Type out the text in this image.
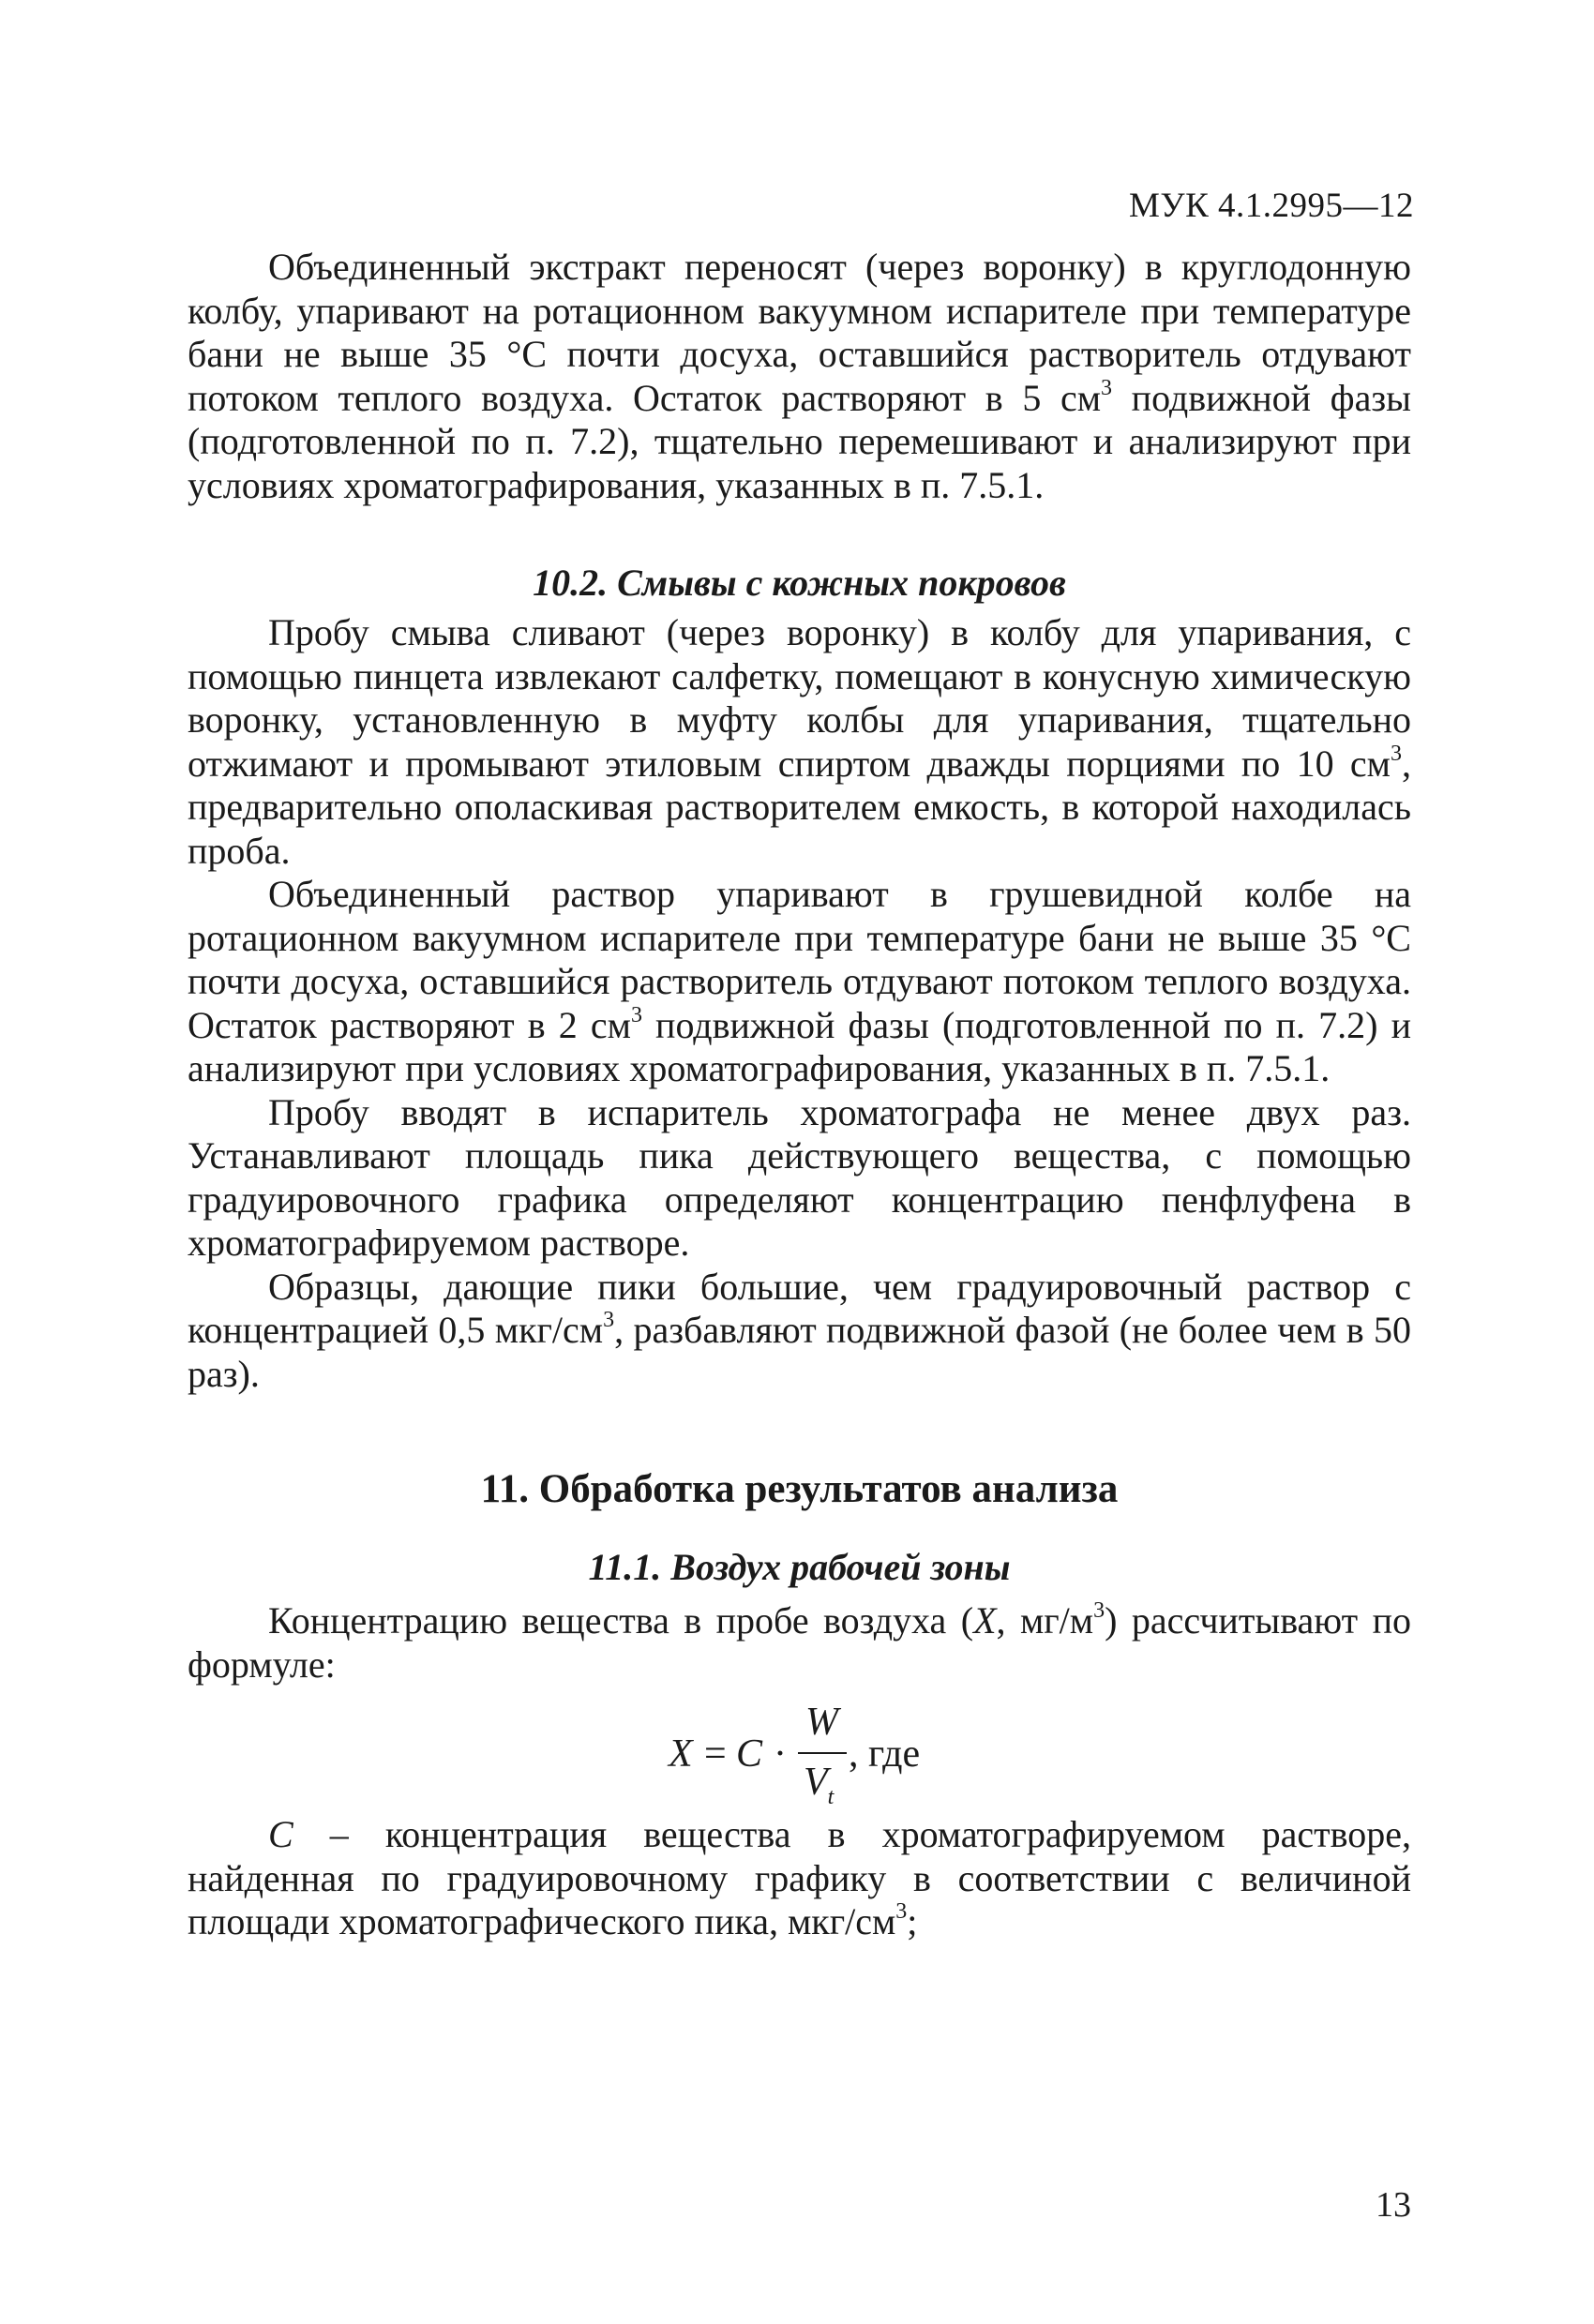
МУК 4.1.2995—12

Объединенный экстракт переносят (через воронку) в круглодонную колбу, упаривают на ротационном вакуумном испарителе при температуре бани не выше 35 °С почти досуха, оставшийся растворитель отдувают потоком теплого воздуха. Остаток растворяют в 5 $см^3$ подвижной фазы (подготовленной по п. 7.2), тщательно перемешивают и анализируют при условиях хроматографирования, указанных в п. 7.5.1.

10.2. Смывы с кожных покровов

Пробу смыва сливают (через воронку) в колбу для упаривания, с помощью пинцета извлекают салфетку, помещают в конусную химическую воронку, установленную в муфту колбы для упаривания, тщательно отжимают и промывают этиловым спиртом дважды порциями по 10 $см^3$, предварительно ополаскивая растворителем емкость, в которой находилась проба.

Объединенный раствор упаривают в грушевидной колбе на ротационном вакуумном испарителе при температуре бани не выше 35 °С почти досуха, оставшийся растворитель отдувают потоком теплого воздуха. Остаток растворяют в 2 $см^3$ подвижной фазы (подготовленной по п. 7.2) и анализируют при условиях хроматографирования, указанных в п. 7.5.1.

Пробу вводят в испаритель хроматографа не менее двух раз. Устанавливают площадь пика действующего вещества, с помощью градуировочного графика определяют концентрацию пенфлуфена в хроматографируемом растворе.

Образцы, дающие пики большие, чем градуировочный раствор с концентрацией 0,5 мкг/$см^3$, разбавляют подвижной фазой (не более чем в 50 раз).

11. Обработка результатов анализа
11.1. Воздух рабочей зоны

Концентрацию вещества в пробе воздуха (X, $мг/м^3$) рассчитывают по формуле:

X = C ·
W
$V_t$
, где

C – концентрация вещества в хроматографируемом растворе, найденная по градуировочному графику в соответствии с величиной площади хроматографического пика, мкг/$см^3$;

13
